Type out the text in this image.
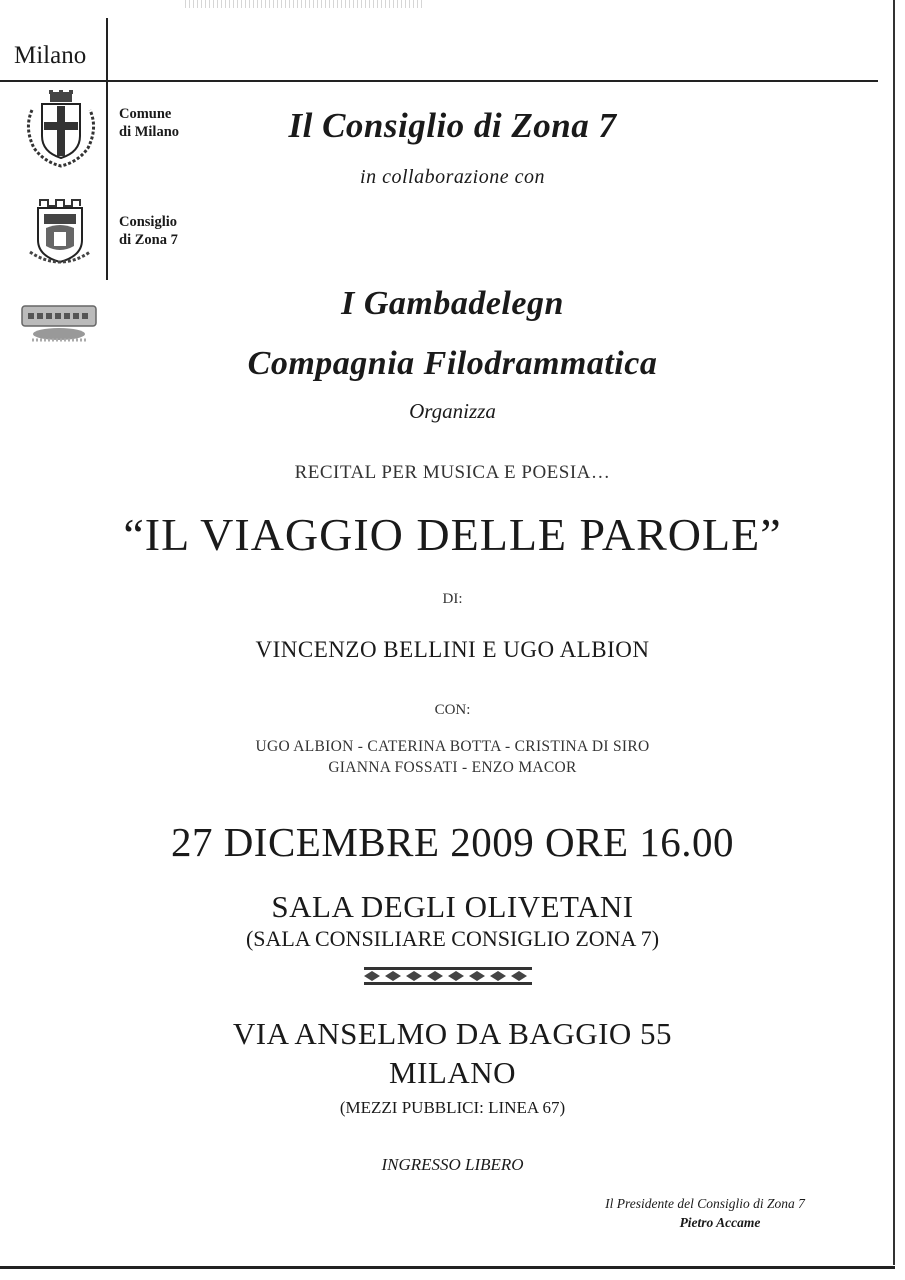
Milano
Comune
di Milano
Consiglio
di Zona 7
Il Consiglio di Zona 7
in collaborazione con
I Gambadelegn
Compagnia Filodrammatica
Organizza
RECITAL PER MUSICA E POESIA…
“IL VIAGGIO DELLE PAROLE”
DI:
VINCENZO BELLINI E UGO ALBION
CON:
UGO ALBION - CATERINA BOTTA - CRISTINA DI SIRO
GIANNA FOSSATI - ENZO MACOR
27 DICEMBRE 2009 ORE 16.00
SALA DEGLI OLIVETANI
(SALA CONSILIARE CONSIGLIO ZONA 7)
VIA ANSELMO DA BAGGIO 55
MILANO
(MEZZI PUBBLICI: LINEA 67)
INGRESSO LIBERO
Il Presidente del Consiglio di Zona 7
Pietro Accame
